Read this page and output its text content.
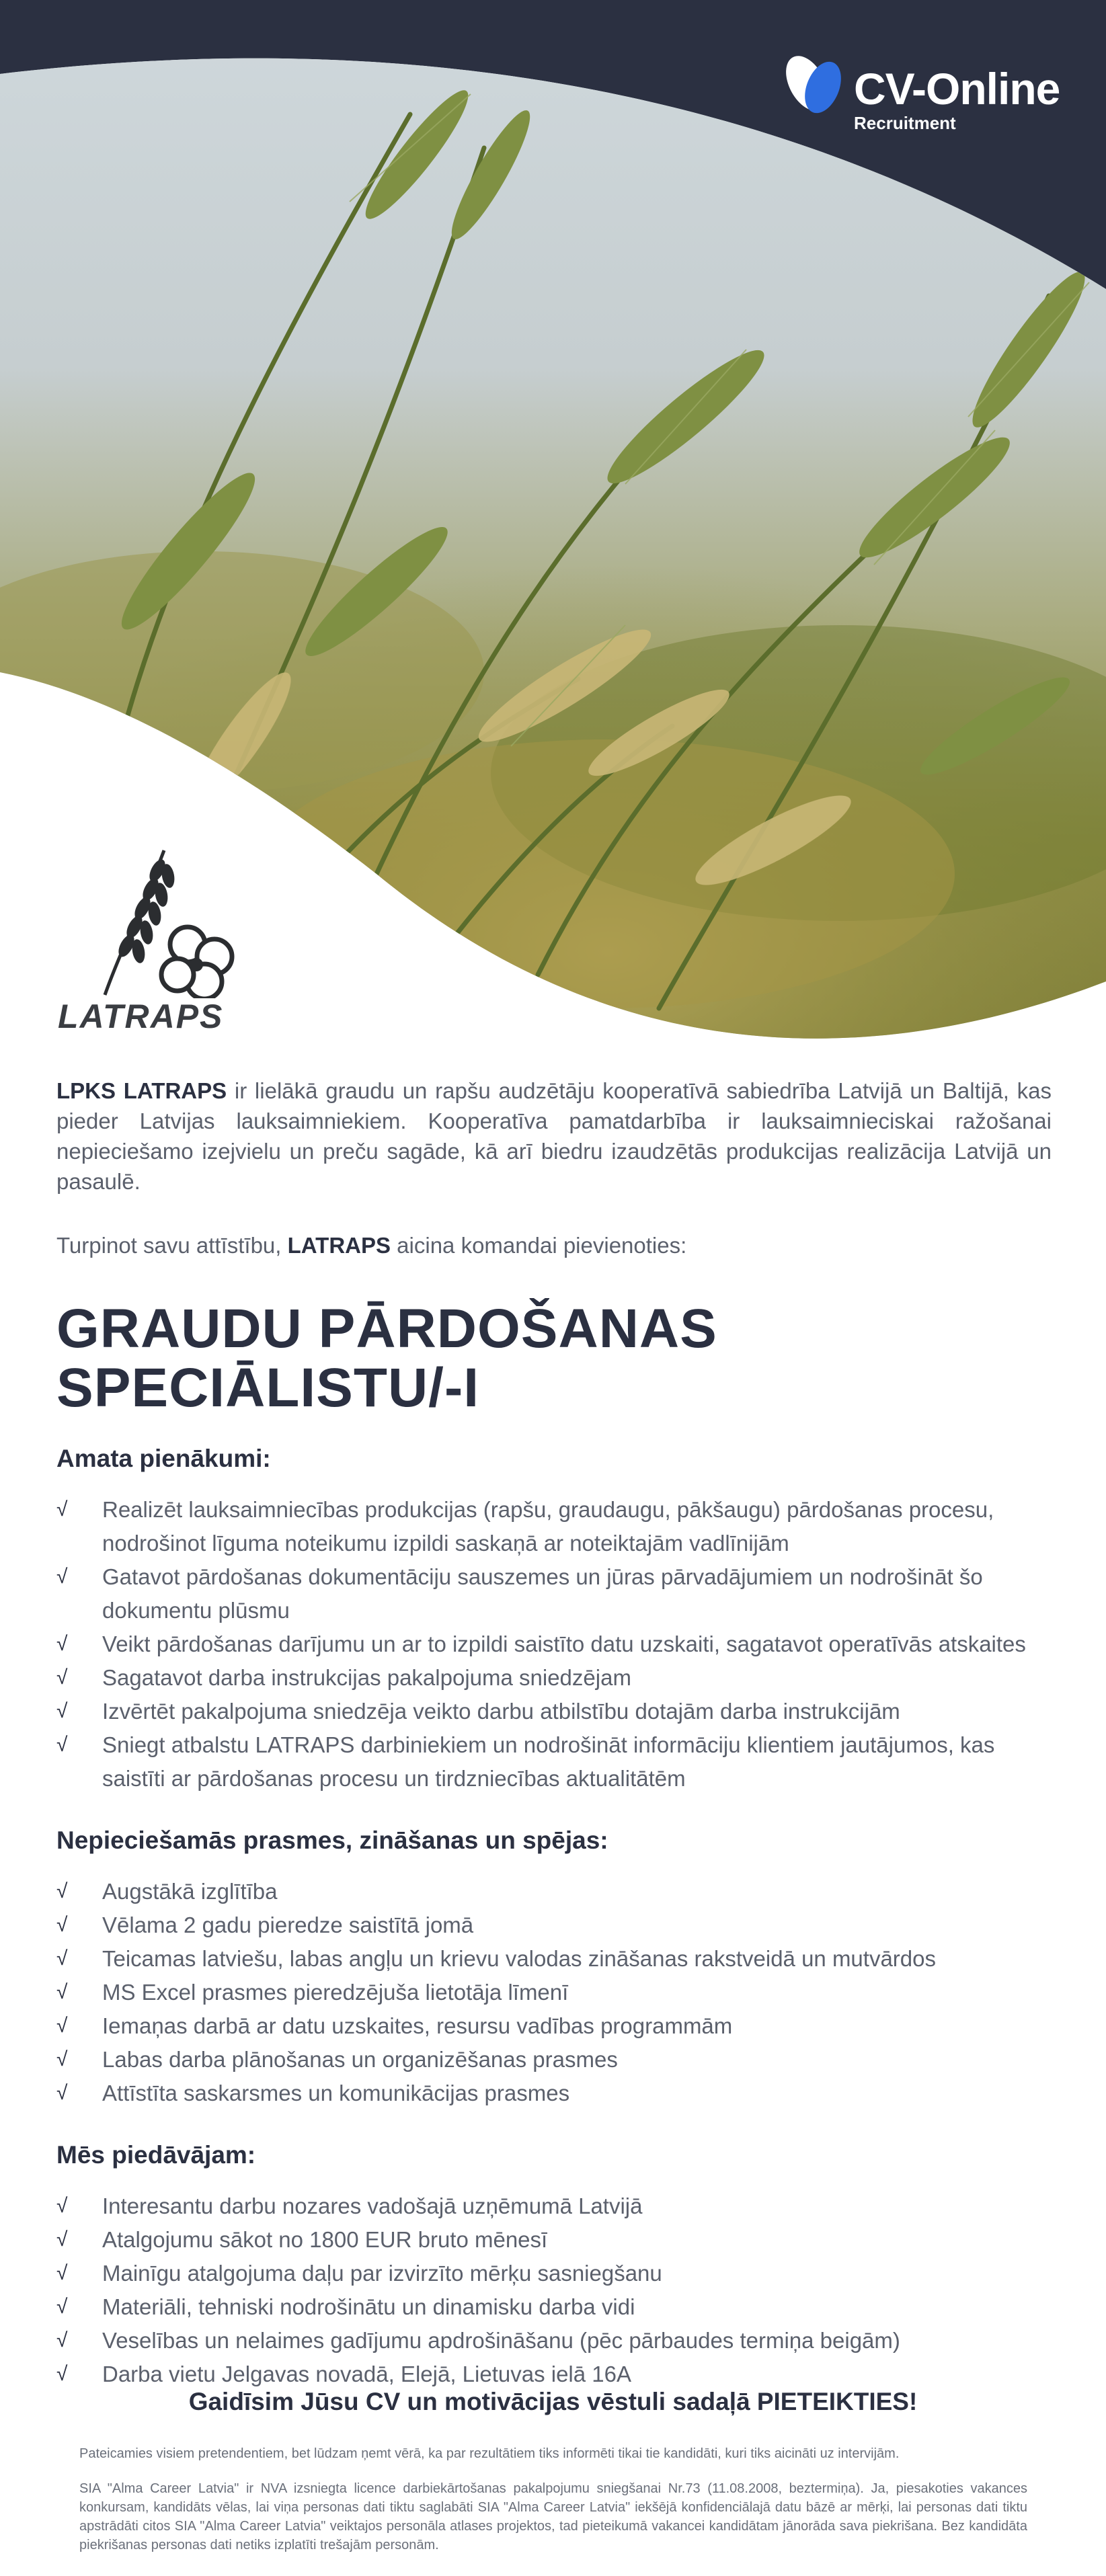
CV-Online
Recruitment
LATRAPS

LPKS LATRAPS ir lielākā graudu un rapšu audzētāju kooperatīvā sabiedrība Latvijā un Baltijā, kas pieder Latvijas lauksaimniekiem. Kooperatīva pamatdarbība ir lauksaimnieciskai ražošanai nepieciešamo izejvielu un preču sagāde, kā arī biedru izaudzētās produkcijas realizācija Latvijā un pasaulē.

Turpinot savu attīstību, LATRAPS aicina komandai pievienoties:

GRAUDU PĀRDOŠANAS
SPECIĀLISTU/-I
Amata pienākumi:
√	Realizēt lauksaimniecības produkcijas (rapšu, graudaugu, pākšaugu) pārdošanas procesu, nodrošinot līguma noteikumu izpildi saskaņā ar noteiktajām vadlīnijām
√	Gatavot pārdošanas dokumentāciju sauszemes un jūras pārvadājumiem un nodrošināt šo dokumentu plūsmu
√	Veikt pārdošanas darījumu un ar to izpildi saistīto datu uzskaiti, sagatavot operatīvās atskaites
√	Sagatavot darba instrukcijas pakalpojuma sniedzējam
√	Izvērtēt pakalpojuma sniedzēja veikto darbu atbilstību dotajām darba instrukcijām
√	Sniegt atbalstu LATRAPS darbiniekiem un nodrošināt informāciju klientiem jautājumos, kas saistīti ar pārdošanas procesu un tirdzniecības aktualitātēm
Nepieciešamās prasmes, zināšanas un spējas:
√	Augstākā izglītība
√	Vēlama 2 gadu pieredze saistītā jomā
√	Teicamas latviešu, labas angļu un krievu valodas zināšanas rakstveidā un mutvārdos
√	MS Excel prasmes pieredzējuša lietotāja līmenī
√	Iemaņas darbā ar datu uzskaites, resursu vadības programmām
√	Labas darba plānošanas un organizēšanas prasmes
√	Attīstīta saskarsmes un komunikācijas prasmes
Mēs piedāvājam:
√	Interesantu darbu nozares vadošajā uzņēmumā Latvijā
√	Atalgojumu sākot no 1800 EUR bruto mēnesī
√	Mainīgu atalgojuma daļu par izvirzīto mērķu sasniegšanu
√	Materiāli, tehniski nodrošinātu un dinamisku darba vidi
√	Veselības un nelaimes gadījumu apdrošināšanu (pēc pārbaudes termiņa beigām)
√	Darba vietu Jelgavas novadā, Elejā, Lietuvas ielā 16A
Gaidīsim Jūsu CV un motivācijas vēstuli sadaļā PIETEIKTIES!

Pateicamies visiem pretendentiem, bet lūdzam ņemt vērā, ka par rezultātiem tiks informēti tikai tie kandidāti, kuri tiks aicināti uz intervijām.

SIA "Alma Career Latvia" ir NVA izsniegta licence darbiekārtošanas pakalpojumu sniegšanai Nr.73 (11.08.2008, beztermiņa). Ja, piesakoties vakances konkursam, kandidāts vēlas, lai viņa personas dati tiktu saglabāti SIA "Alma Career Latvia" iekšējā konfidenciālajā datu bāzē ar mērķi, lai personas dati tiktu apstrādāti citos SIA "Alma Career Latvia" veiktajos personāla atlases projektos, tad pieteikumā vakancei kandidātam jānorāda sava piekrišana. Bez kandidāta piekrišanas personas dati netiks izplatīti trešajām personām.
